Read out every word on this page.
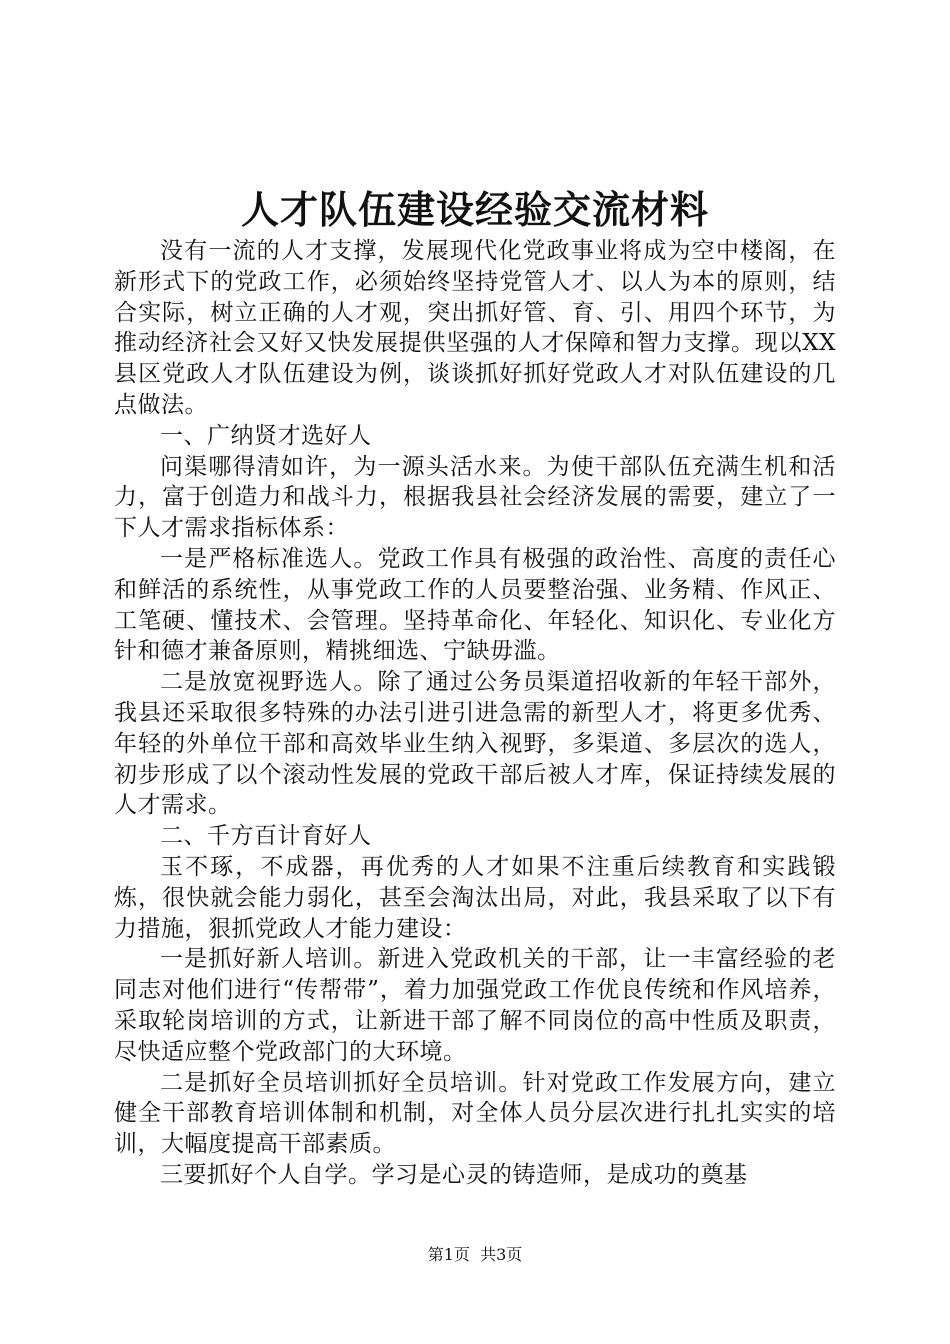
人才队伍建设经验交流材料

没有一流的人才支撑，发展现代化党政事业将成为空中楼阁，在新形式下的党政工作，必须始终坚持党管人才、以人为本的原则，结合实际，树立正确的人才观，突出抓好管、育、引、用四个环节，为推动经济社会又好又快发展提供坚强的人才保障和智力支撑。现以XX县区党政人才队伍建设为例，谈谈抓好抓好党政人才对队伍建设的几点做法。

一、广纳贤才选好人

问渠哪得清如许，为一源头活水来。为使干部队伍充满生机和活力，富于创造力和战斗力，根据我县社会经济发展的需要，建立了一下人才需求指标体系：

一是严格标准选人。党政工作具有极强的政治性、高度的责任心和鲜活的系统性，从事党政工作的人员要整治强、业务精、作风正、工笔硬、懂技术、会管理。坚持革命化、年轻化、知识化、专业化方针和德才兼备原则，精挑细选、宁缺毋滥。

二是放宽视野选人。除了通过公务员渠道招收新的年轻干部外，我县还采取很多特殊的办法引进引进急需的新型人才，将更多优秀、年轻的外单位干部和高效毕业生纳入视野，多渠道、多层次的选人，初步形成了以个滚动性发展的党政干部后被人才库，保证持续发展的人才需求。

二、千方百计育好人

玉不琢，不成器，再优秀的人才如果不注重后续教育和实践锻炼，很快就会能力弱化，甚至会淘汰出局，对此，我县采取了以下有力措施，狠抓党政人才能力建设：

一是抓好新人培训。新进入党政机关的干部，让一丰富经验的老同志对他们进行“传帮带”，着力加强党政工作优良传统和作风培养，采取轮岗培训的方式，让新进干部了解不同岗位的高中性质及职责，尽快适应整个党政部门的大环境。

二是抓好全员培训抓好全员培训。针对党政工作发展方向，建立健全干部教育培训体制和机制，对全体人员分层次进行扎扎实实的培训，大幅度提高干部素质。

三要抓好个人自学。学习是心灵的铸造师，是成功的奠基

第1页 共3页
